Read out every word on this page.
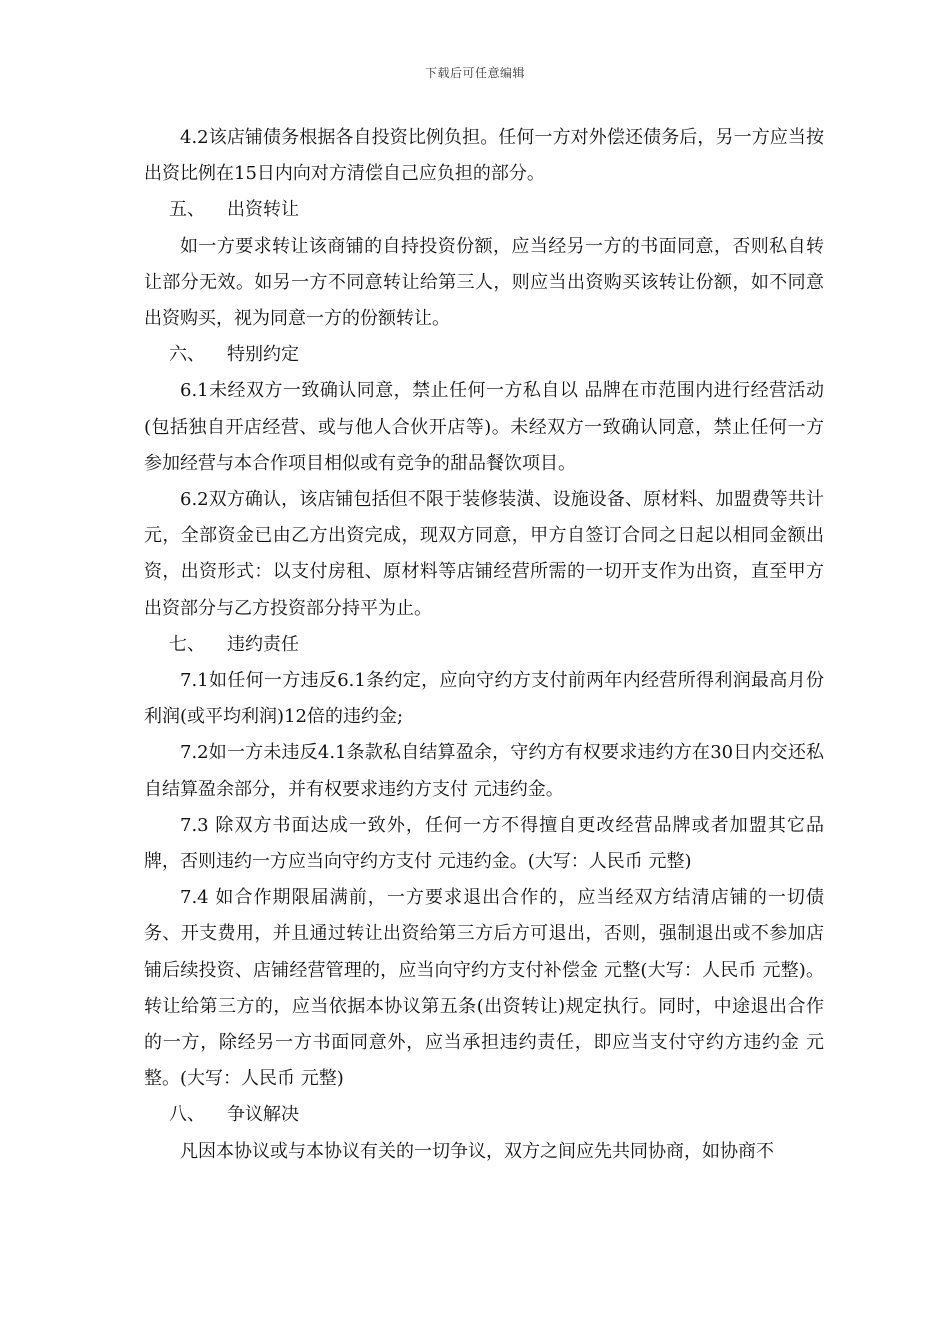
下载后可任意编辑

4.2该店铺债务根据各自投资比例负担。任何一方对外偿还债务后，另一方应当按出资比例在15日内向对方清偿自己应负担的部分。

五、 出资转让

如一方要求转让该商铺的自持投资份额，应当经另一方的书面同意，否则私自转让部分无效。如另一方不同意转让给第三人，则应当出资购买该转让份额，如不同意出资购买，视为同意一方的份额转让。

六、 特别约定

6.1未经双方一致确认同意，禁止任何一方私自以 品牌在市范围内进行经营活动(包括独自开店经营、或与他人合伙开店等)。未经双方一致确认同意，禁止任何一方参加经营与本合作项目相似或有竞争的甜品餐饮项目。

6.2双方确认，该店铺包括但不限于装修装潢、设施设备、原材料、加盟费等共计 元，全部资金已由乙方出资完成，现双方同意，甲方自签订合同之日起以相同金额出资，出资形式：以支付房租、原材料等店铺经营所需的一切开支作为出资，直至甲方出资部分与乙方投资部分持平为止。

七、 违约责任

7.1如任何一方违反6.1条约定，应向守约方支付前两年内经营所得利润最高月份利润(或平均利润)12倍的违约金;

7.2如一方未违反4.1条款私自结算盈余，守约方有权要求违约方在30日内交还私自结算盈余部分，并有权要求违约方支付 元违约金。

7.3 除双方书面达成一致外，任何一方不得擅自更改经营品牌或者加盟其它品牌，否则违约一方应当向守约方支付 元违约金。(大写：人民币 元整)

7.4 如合作期限届满前，一方要求退出合作的，应当经双方结清店铺的一切债务、开支费用，并且通过转让出资给第三方后方可退出，否则，强制退出或不参加店铺后续投资、店铺经营管理的，应当向守约方支付补偿金 元整(大写：人民币 元整)。转让给第三方的，应当依据本协议第五条(出资转让)规定执行。同时，中途退出合作的一方，除经另一方书面同意外，应当承担违约责任，即应当支付守约方违约金 元整。(大写：人民币 元整)

八、 争议解决

凡因本协议或与本协议有关的一切争议，双方之间应先共同协商，如协商不
